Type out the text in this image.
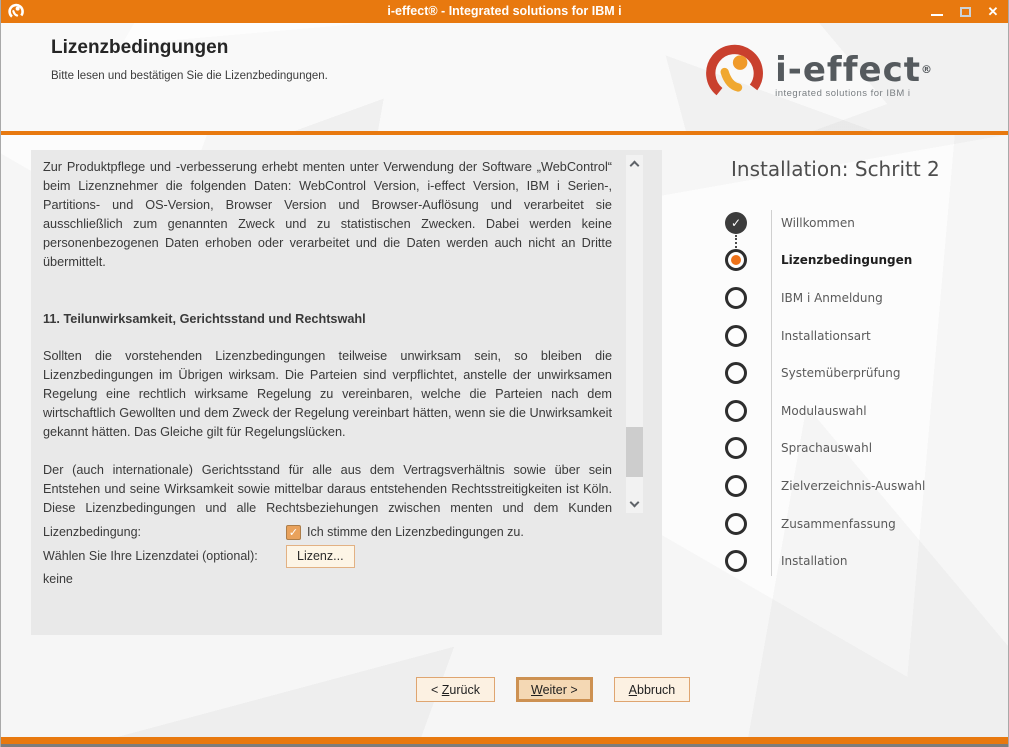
i-effect® - Integrated solutions for IBM i	✕
Lizenzbedingungen
Bitte lesen und bestätigen Sie die Lizenzbedingungen.	i-effect®
integrated solutions for IBM i

Zur Produktpflege und -verbesserung erhebt menten unter Verwendung der Software „WebControl“ beim Lizenznehmer die folgenden Daten: WebControl Version, i-effect Version, IBM i Serien-, Partitions- und OS-Version, Browser Version und Browser-Auflösung und verarbeitet sie ausschließlich zum genannten Zweck und zu statistischen Zwecken. Dabei werden keine personenbezogenen Daten erhoben oder verarbeitet und die Daten werden auch nicht an Dritte übermittelt.

11. Teilunwirksamkeit, Gerichtsstand und Rechtswahl

Sollten die vorstehenden Lizenzbedingungen teilweise unwirksam sein, so bleiben die Lizenzbedingungen im Übrigen wirksam. Die Parteien sind verpflichtet, anstelle der unwirksamen Regelung eine rechtlich wirksame Regelung zu vereinbaren, welche die Parteien nach dem wirtschaftlich Gewollten und dem Zweck der Regelung vereinbart hätten, wenn sie die Unwirksamkeit gekannt hätten. Das Gleiche gilt für Regelungslücken.

Der (auch internationale) Gerichtsstand für alle aus dem Vertragsverhältnis sowie über sein Entstehen und seine Wirksamkeit sowie mittelbar daraus entstehenden Rechtsstreitigkeiten ist Köln. Diese Lizenzbedingungen und alle Rechtsbeziehungen zwischen menten und dem Kunden

Lizenzbedingung:	✓ Ich stimme den Lizenzbedingungen zu.
Wählen Sie Ihre Lizenzdatei (optional):	Lizenz...
keine
Installation: Schritt 2
✓	Willkommen
Lizenzbedingungen
IBM i Anmeldung
Installationsart
Systemüberprüfung
Modulauswahl
Sprachauswahl
Zielverzeichnis-Auswahl
Zusammenfassung
Installation
< Zurück	Weiter >	Abbruch
